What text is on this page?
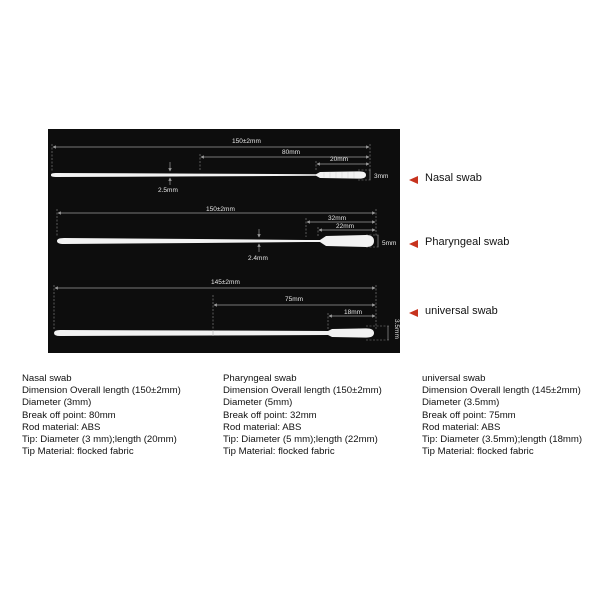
150±2mm
80mm
20mm
3mm
2.5mm
150±2mm
32mm
22mm
5mm
2.4mm
145±2mm
75mm
18mm
3.5mm
Nasal swab
Pharyngeal swab
universal swab
Nasal swab
Dimension Overall length (150±2mm)
Diameter (3mm)
Break off point: 80mm
Rod material: ABS
Tip: Diameter (3 mm);length (20mm)
Tip Material: flocked fabric
Pharyngeal swab
Dimension Overall length (150±2mm)
Diameter (5mm)
Break off point: 32mm
Rod material: ABS
Tip: Diameter (5 mm);length (22mm)
Tip Material: flocked fabric
universal swab
Dimension Overall length (145±2mm)
Diameter (3.5mm)
Break off point: 75mm
Rod material: ABS
Tip: Diameter (3.5mm);length (18mm)
Tip Material: flocked fabric
